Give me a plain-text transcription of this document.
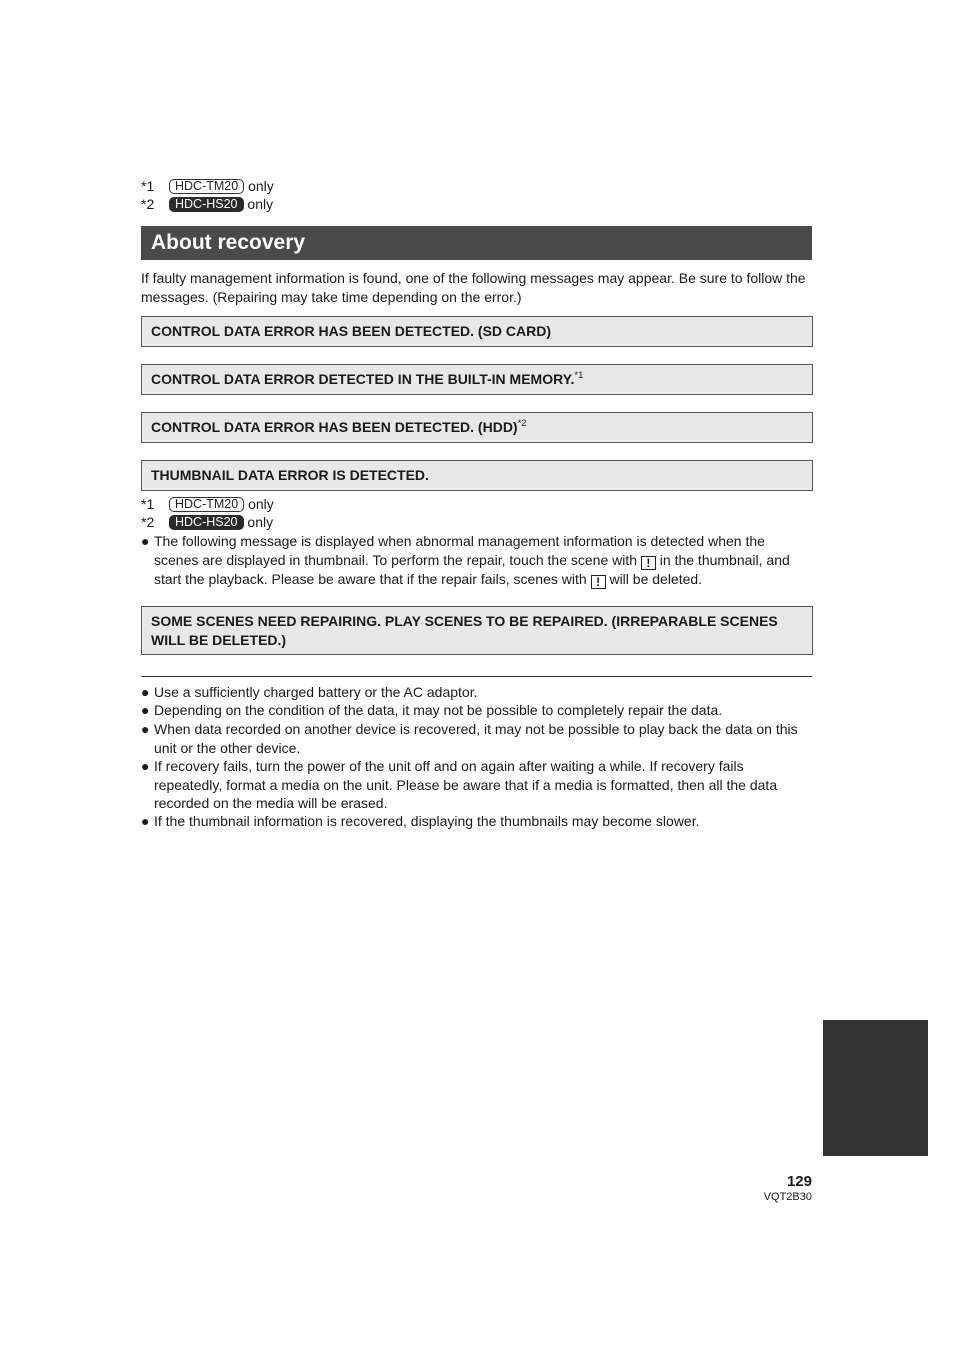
*1 HDC-TM20 only
*2 HDC-HS20 only
About recovery
If faulty management information is found, one of the following messages may appear. Be sure to follow the messages. (Repairing may take time depending on the error.)
CONTROL DATA ERROR HAS BEEN DETECTED. (SD CARD)
CONTROL DATA ERROR DETECTED IN THE BUILT-IN MEMORY.$^{*1}$
CONTROL DATA ERROR HAS BEEN DETECTED. (HDD)$^{*2}$
THUMBNAIL DATA ERROR IS DETECTED.
*1 HDC-TM20 only
*2 HDC-HS20 only
● The following message is displayed when abnormal management information is detected when the scenes are displayed in thumbnail. To perform the repair, touch the scene with ! in the thumbnail, and start the playback. Please be aware that if the repair fails, scenes with ! will be deleted.
SOME SCENES NEED REPAIRING. PLAY SCENES TO BE REPAIRED. (IRREPARABLE SCENES WILL BE DELETED.)
● Use a sufficiently charged battery or the AC adaptor.
● Depending on the condition of the data, it may not be possible to completely repair the data.
● When data recorded on another device is recovered, it may not be possible to play back the data on this unit or the other device.
● If recovery fails, turn the power of the unit off and on again after waiting a while. If recovery fails repeatedly, format a media on the unit. Please be aware that if a media is formatted, then all the data recorded on the media will be erased.
● If the thumbnail information is recovered, displaying the thumbnails may become slower.
129
VQT2B30
